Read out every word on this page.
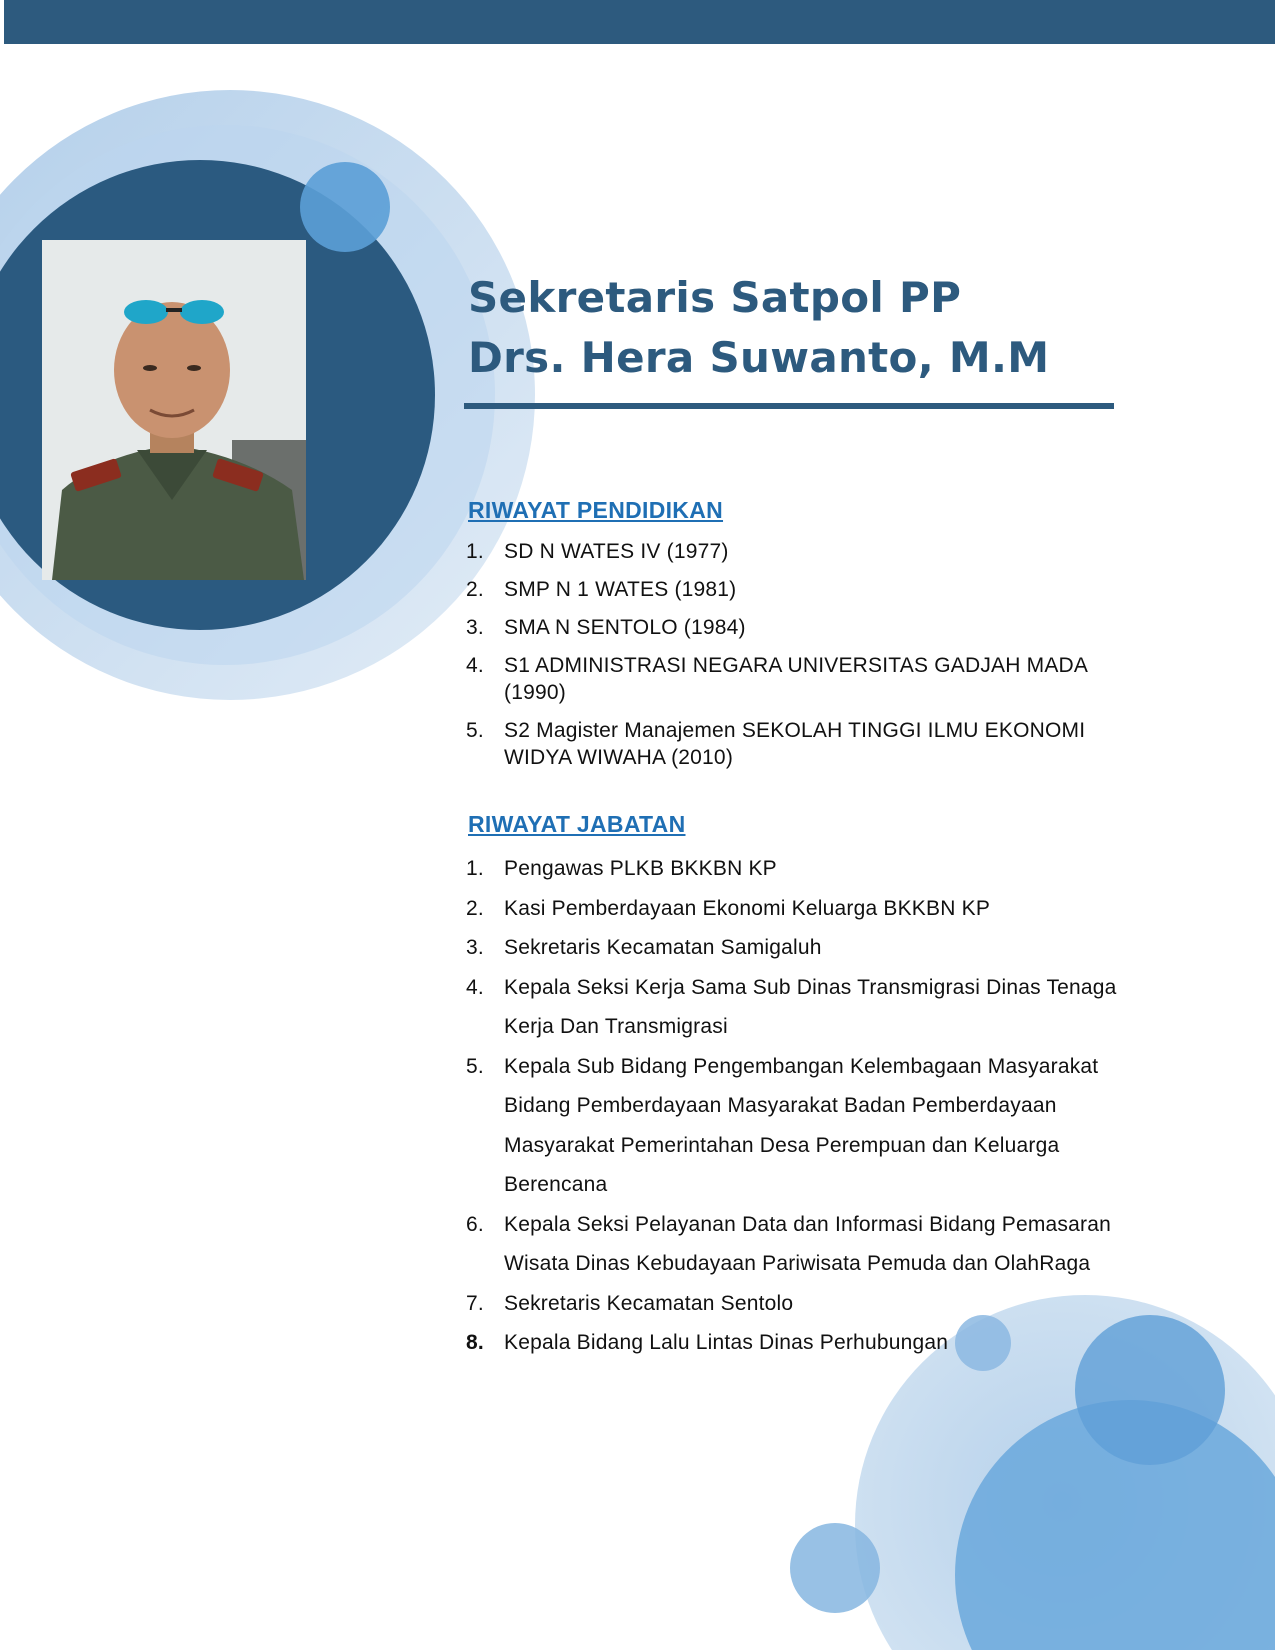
Sekretaris Satpol PP
Drs. Hera Suwanto, M.M
RIWAYAT PENDIDIKAN
1. SD N WATES IV (1977)
2. SMP N 1 WATES (1981)
3. SMA N SENTOLO (1984)
4. S1 ADMINISTRASI NEGARA UNIVERSITAS GADJAH MADA (1990)
5. S2 Magister Manajemen SEKOLAH TINGGI ILMU EKONOMI WIDYA WIWAHA (2010)
RIWAYAT JABATAN
1. Pengawas PLKB BKKBN KP
2. Kasi Pemberdayaan Ekonomi Keluarga BKKBN KP
3. Sekretaris Kecamatan Samigaluh
4. Kepala Seksi Kerja Sama Sub Dinas Transmigrasi Dinas Tenaga Kerja Dan Transmigrasi
5. Kepala Sub Bidang Pengembangan Kelembagaan Masyarakat Bidang Pemberdayaan Masyarakat Badan Pemberdayaan Masyarakat Pemerintahan Desa Perempuan dan Keluarga Berencana
6. Kepala Seksi Pelayanan Data dan Informasi Bidang Pemasaran Wisata Dinas Kebudayaan Pariwisata Pemuda dan OlahRaga
7. Sekretaris Kecamatan Sentolo
8. Kepala Bidang Lalu Lintas Dinas Perhubungan
